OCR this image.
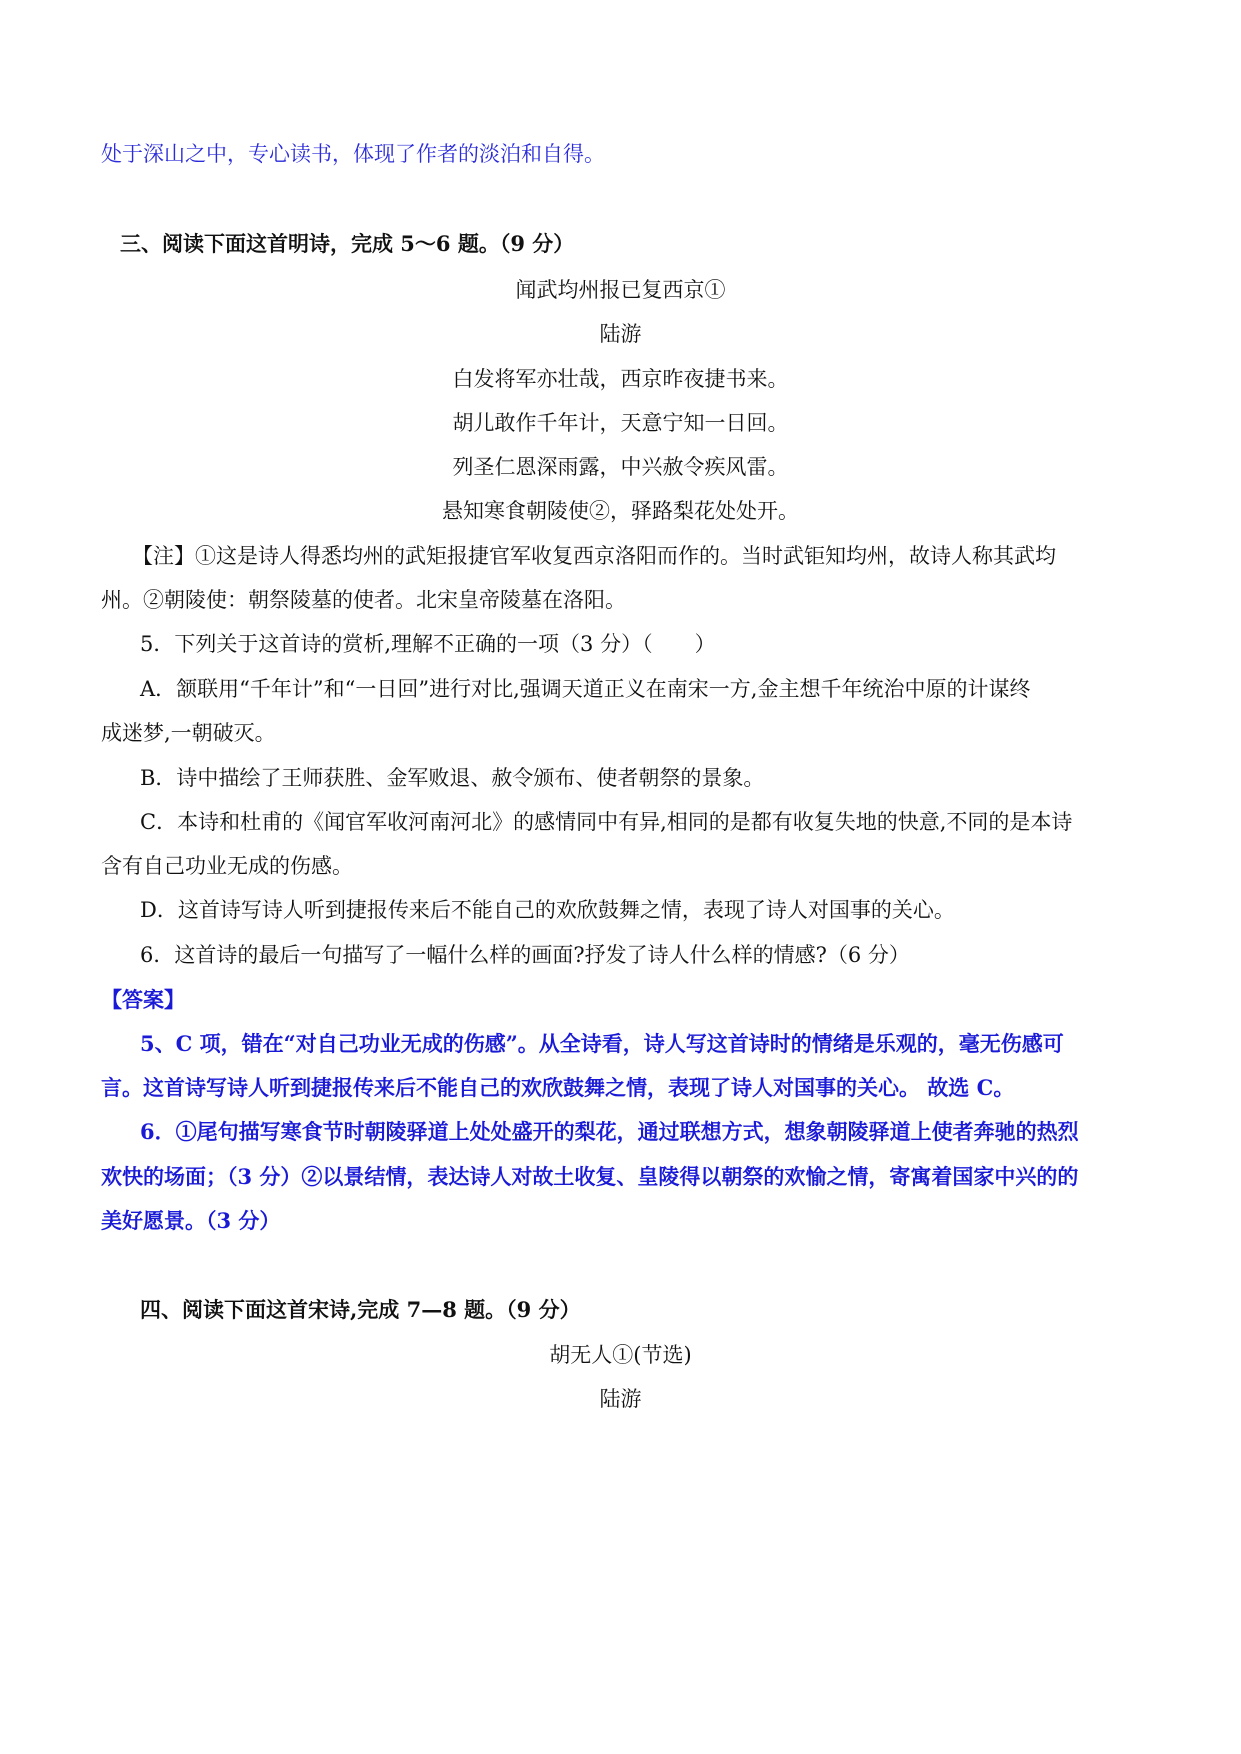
处于深山之中，专心读书，体现了作者的淡泊和自得。
三、阅读下面这首明诗，完成 5～6 题。（9 分）
闻武均州报已复西京①
陆游
白发将军亦壮哉，西京昨夜捷书来。
胡儿敢作千年计，天意宁知一日回。
列圣仁恩深雨露，中兴赦令疾风雷。
悬知寒食朝陵使②，驿路梨花处处开。
【注】①这是诗人得悉均州的武矩报捷官军收复西京洛阳而作的。当时武钜知均州，故诗人称其武均
州。②朝陵使：朝祭陵墓的使者。北宋皇帝陵墓在洛阳。
5．下列关于这首诗的赏析,理解不正确的一项（3 分）（　　）
A．颔联用“千年计”和“一日回”进行对比,强调天道正义在南宋一方,金主想千年统治中原的计谋终
成迷梦,一朝破灭。
B．诗中描绘了王师获胜、金军败退、赦令颁布、使者朝祭的景象。
C．本诗和杜甫的《闻官军收河南河北》的感情同中有异,相同的是都有收复失地的快意,不同的是本诗
含有自己功业无成的伤感。
D．这首诗写诗人听到捷报传来后不能自己的欢欣鼓舞之情，表现了诗人对国事的关心。
6．这首诗的最后一句描写了一幅什么样的画面?抒发了诗人什么样的情感?（6 分）
【答案】
5、C 项，错在“对自己功业无成的伤感”。从全诗看，诗人写这首诗时的情绪是乐观的，毫无伤感可
言。这首诗写诗人听到捷报传来后不能自己的欢欣鼓舞之情，表现了诗人对国事的关心。 故选 C。
6．①尾句描写寒食节时朝陵驿道上处处盛开的梨花，通过联想方式，想象朝陵驿道上使者奔驰的热烈
欢快的场面；（3 分）②以景结情，表达诗人对故土收复、皇陵得以朝祭的欢愉之情，寄寓着国家中兴的的
美好愿景。（3 分）
四、阅读下面这首宋诗,完成 7—8 题。（9 分）
胡无人①(节选)
陆游
